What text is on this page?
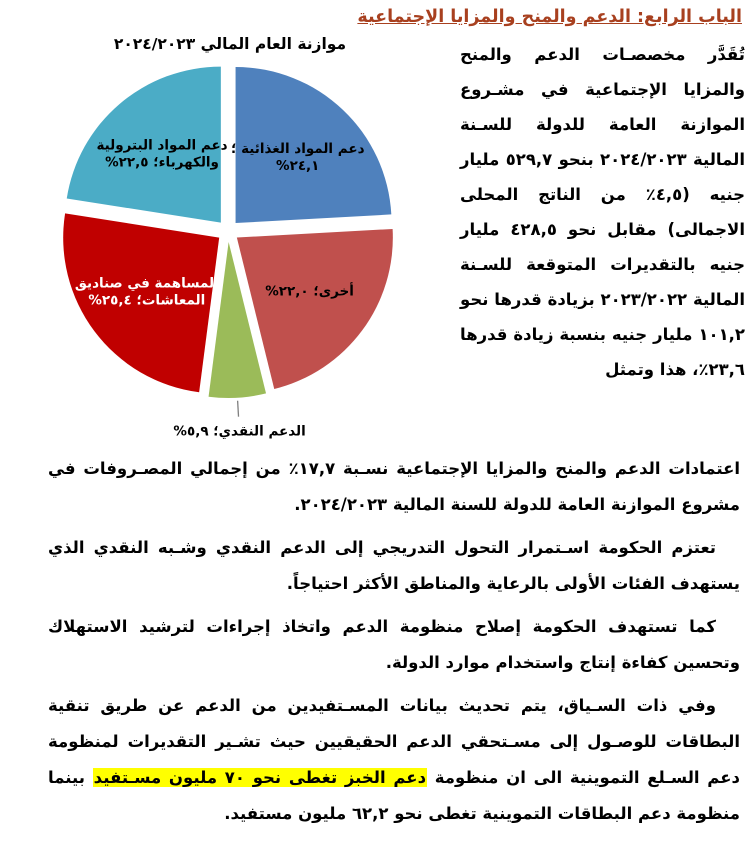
الباب الرابع: الدعم والمنح والمزايا الإجتماعية
تُقَدَّر مخصصـات الدعم والمنح والمزايا الإجتماعية في مشـروع الموازنة العامة للدولة للسـنة المالية ٢٠٢٤/٢٠٢٣ بنحو ٥٢٩,٧ مليار جنيه (٤,٥٪ من الناتج المحلى الاجمالى) مقابل نحو ٤٢٨,٥ مليار جنيه بالتقديرات المتوقعة للسـنة المالية ٢٠٢٣/٢٠٢٢ بزيادة قدرها نحو ١٠١,٢ مليار جنيه بنسبة زيادة قدرها ٢٣,٦٪، هذا وتمثل
موازنة العام المالي ٢٠٢٤/٢٠٢٣
دعم المواد الغذائية ؛ ٢٤,١%
أخرى؛ ٢٢,٠%
الدعم النقدي؛ ٥,٩%
المساهمة في صناديق المعاشات؛ ٢٥,٤%
دعم المواد البترولية والكهرباء؛ ٢٢,٥%

اعتمادات الدعم والمنح والمزايا الإجتماعية نسـبة ١٧,٧٪ من إجمالي المصـروفات في مشروع الموازنة العامة للدولة للسنة المالية ٢٠٢٤/٢٠٢٣.

تعتزم الحكومة اسـتمرار التحول التدريجي إلى الدعم النقدي وشـبه النقدي الذي يستهدف الفئات الأولى بالرعاية والمناطق الأكثر احتياجاً.

كما تستهدف الحكومة إصلاح منظومة الدعم واتخاذ إجراءات لترشيد الاستهلاك وتحسين كفاءة إنتاج واستخدام موارد الدولة.

وفي ذات السـياق، يتم تحديث بيانات المسـتفيدين من الدعم عن طريق تنقية البطاقات للوصـول إلى مسـتحقي الدعم الحقيقيين حيث تشـير التقديرات لمنظومة دعم السـلع التموينية الى ان منظومة دعم الخبز تغطى نحو ٧٠ مليون مسـتفيد بينما منظومة دعم البطاقات التموينية تغطى نحو ٦٢,٢ مليون مستفيد.
